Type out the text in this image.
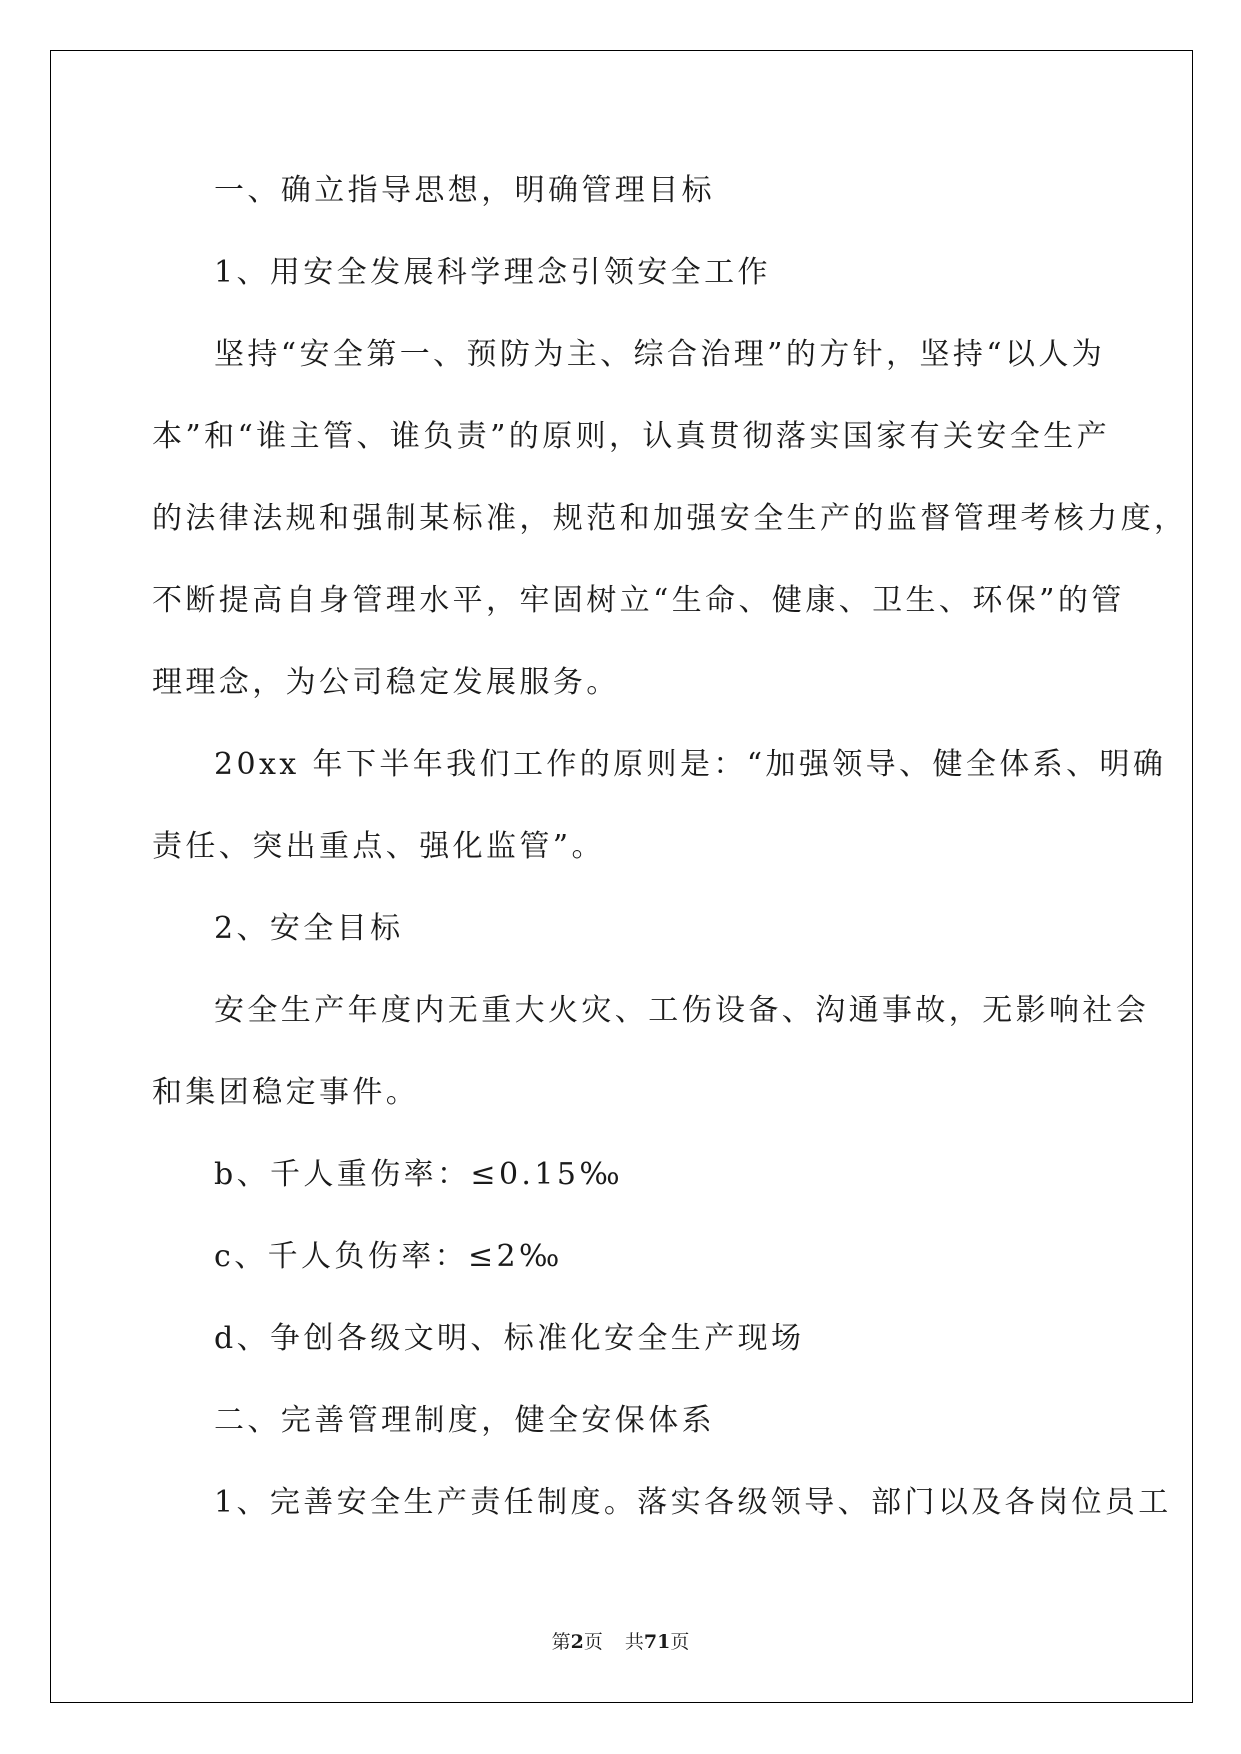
一、确立指导思想，明确管理目标
1、用安全发展科学理念引领安全工作
坚持“安全第一、预防为主、综合治理”的方针，坚持“以人为
本”和“谁主管、谁负责”的原则，认真贯彻落实国家有关安全生产
的法律法规和强制某标准，规范和加强安全生产的监督管理考核力度，
不断提高自身管理水平，牢固树立“生命、健康、卫生、环保”的管
理理念，为公司稳定发展服务。
20xx 年下半年我们工作的原则是：“加强领导、健全体系、明确
责任、突出重点、强化监管”。
2、安全目标
安全生产年度内无重大火灾、工伤设备、沟通事故，无影响社会
和集团稳定事件。
b、千人重伤率：≤0.15‰
c、千人负伤率：≤2‰
d、争创各级文明、标准化安全生产现场
二、完善管理制度，健全安保体系
1、完善安全生产责任制度。落实各级领导、部门以及各岗位员工
第2页 共71页
